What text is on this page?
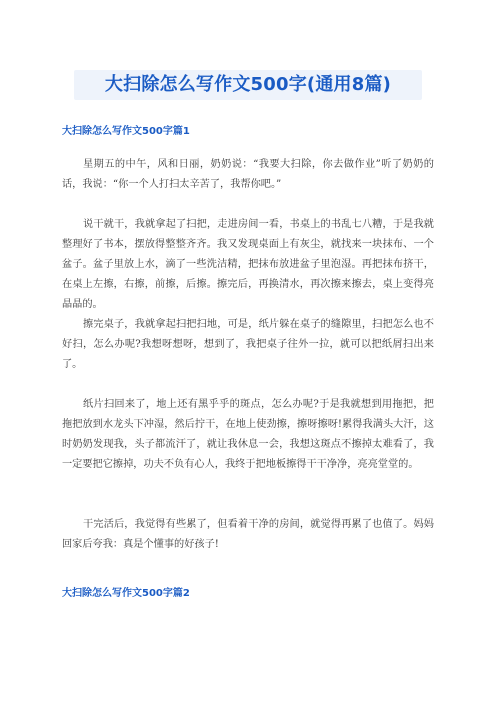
大扫除怎么写作文500字(通用8篇)
大扫除怎么写作文500字篇1

星期五的中午，风和日丽，奶奶说：“我要大扫除，你去做作业”听了奶奶的话，我说：“你一个人打扫太辛苦了，我帮你吧。”

说干就干，我就拿起了扫把，走进房间一看，书桌上的书乱七八糟，于是我就整理好了书本，摆放得整整齐齐。我又发现桌面上有灰尘，就找来一块抹布、一个盆子。盆子里放上水，滴了一些洗洁精，把抹布放进盆子里泡湿。再把抹布挤干，在桌上左擦，右擦，前擦，后擦。擦完后，再换清水，再次擦来擦去，桌上变得亮晶晶的。

擦完桌子，我就拿起扫把扫地，可是，纸片躲在桌子的缝隙里，扫把怎么也不好扫，怎么办呢?我想呀想呀，想到了，我把桌子往外一拉，就可以把纸屑扫出来了。

纸片扫回来了，地上还有黑乎乎的斑点，怎么办呢?于是我就想到用拖把，把拖把放到水龙头下冲湿，然后拧干，在地上使劲擦，擦呀擦呀!累得我满头大汗，这时奶奶发现我，头子都流汗了，就让我休息一会，我想这斑点不擦掉太难看了，我一定要把它擦掉，功夫不负有心人，我终于把地板擦得干干净净，亮亮堂堂的。

干完活后，我觉得有些累了，但看着干净的房间，就觉得再累了也值了。妈妈回家后夸我：真是个懂事的好孩子!

大扫除怎么写作文500字篇2
